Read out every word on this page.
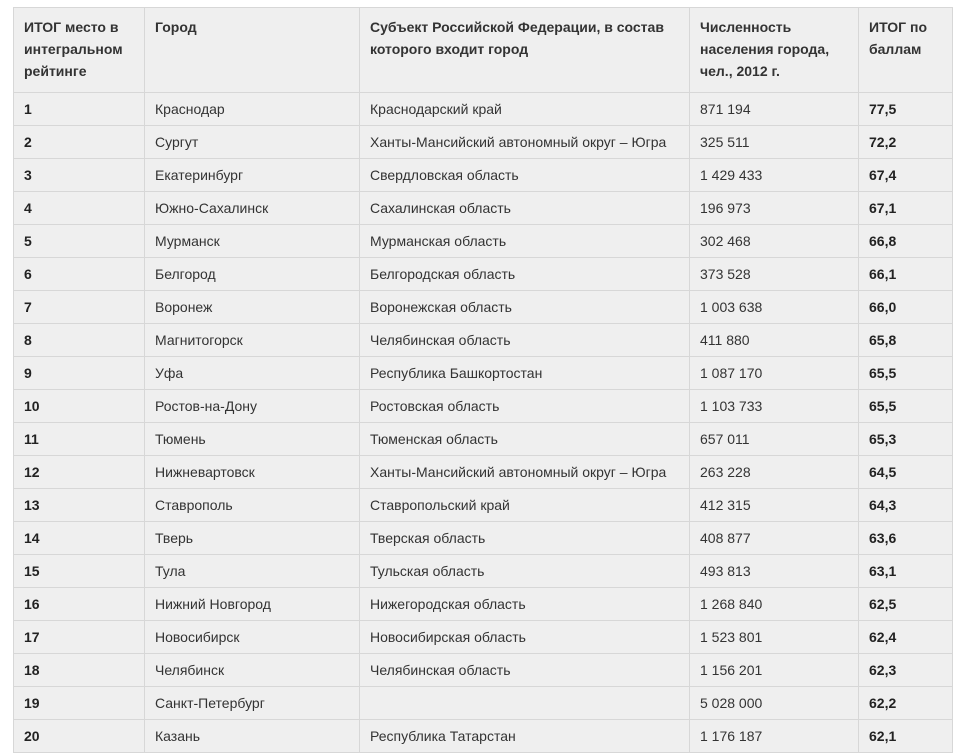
ИТОГ место в интегральном рейтинге	Город	Субъект Российской Федерации, в состав которого входит город	Численность населения города, чел., 2012 г.	ИТОГ по баллам
1	Краснодар	Краснодарский край	871 194	77,5
2	Сургут	Ханты-Мансийский автономный округ – Югра	325 511	72,2
3	Екатеринбург	Свердловская область	1 429 433	67,4
4	Южно-Сахалинск	Сахалинская область	196 973	67,1
5	Мурманск	Мурманская область	302 468	66,8
6	Белгород	Белгородская область	373 528	66,1
7	Воронеж	Воронежская область	1 003 638	66,0
8	Магнитогорск	Челябинская область	411 880	65,8
9	Уфа	Республика Башкортостан	1 087 170	65,5
10	Ростов-на-Дону	Ростовская область	1 103 733	65,5
11	Тюмень	Тюменская область	657 011	65,3
12	Нижневартовск	Ханты-Мансийский автономный округ – Югра	263 228	64,5
13	Ставрополь	Ставропольский край	412 315	64,3
14	Тверь	Тверская область	408 877	63,6
15	Тула	Тульская область	493 813	63,1
16	Нижний Новгород	Нижегородская область	1 268 840	62,5
17	Новосибирск	Новосибирская область	1 523 801	62,4
18	Челябинск	Челябинская область	1 156 201	62,3
19	Санкт-Петербург		5 028 000	62,2
20	Казань	Республика Татарстан	1 176 187	62,1
